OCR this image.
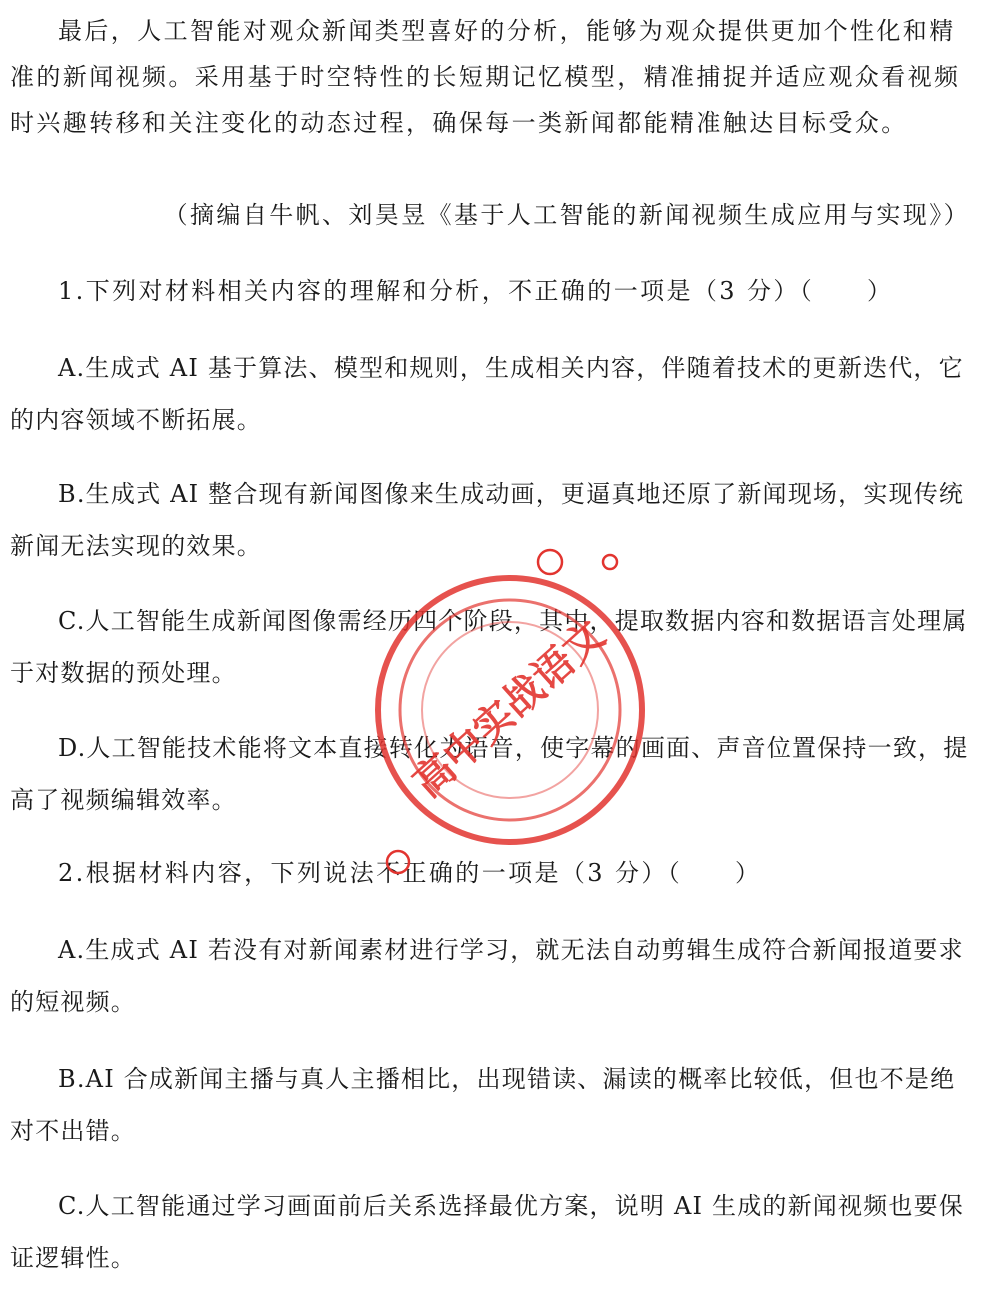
最后，人工智能对观众新闻类型喜好的分析，能够为观众提供更加个性化和精准的新闻视频。采用基于时空特性的长短期记忆模型，精准捕捉并适应观众看视频时兴趣转移和关注变化的动态过程，确保每一类新闻都能精准触达目标受众。

（摘编自牛帆、刘昊昱《基于人工智能的新闻视频生成应用与实现》）

1.下列对材料相关内容的理解和分析，不正确的一项是（3 分）（　　）

A.生成式 AI 基于算法、模型和规则，生成相关内容，伴随着技术的更新迭代，它的内容领域不断拓展。

B.生成式 AI 整合现有新闻图像来生成动画，更逼真地还原了新闻现场，实现传统新闻无法实现的效果。

C.人工智能生成新闻图像需经历四个阶段，其中，提取数据内容和数据语言处理属于对数据的预处理。

D.人工智能技术能将文本直接转化为语音，使字幕的画面、声音位置保持一致，提高了视频编辑效率。

2.根据材料内容，下列说法不正确的一项是（3 分）（　　）

A.生成式 AI 若没有对新闻素材进行学习，就无法自动剪辑生成符合新闻报道要求的短视频。

B.AI 合成新闻主播与真人主播相比，出现错读、漏读的概率比较低，但也不是绝对不出错。

C.人工智能通过学习画面前后关系选择最优方案，说明 AI 生成的新闻视频也要保证逻辑性。

高中实战语文
